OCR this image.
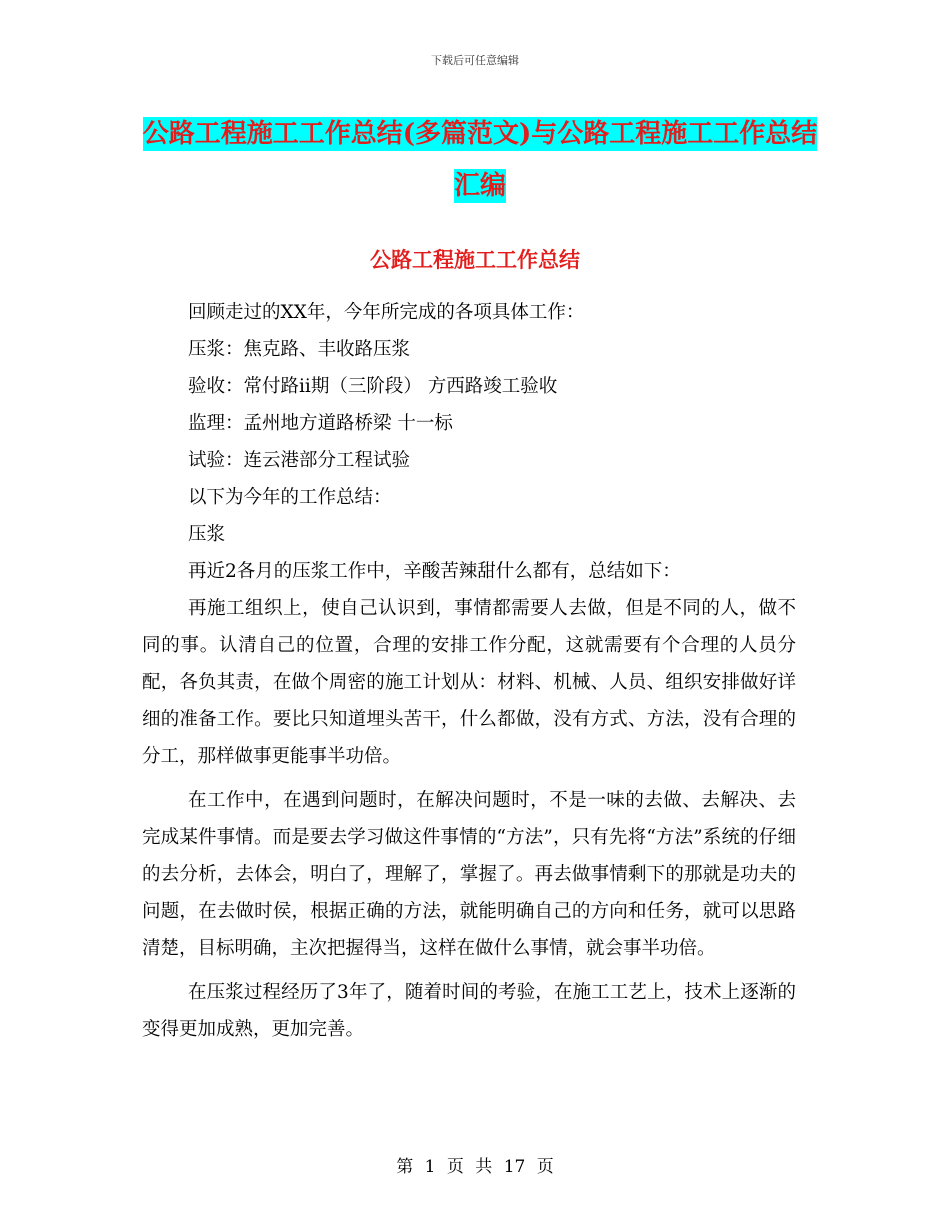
下载后可任意编辑
公路工程施工工作总结(多篇范文)与公路工程施工工作总结汇编
公路工程施工工作总结

回顾走过的XX年，今年所完成的各项具体工作：

压浆：焦克路、丰收路压浆

验收：常付路ii期（三阶段） 方西路竣工验收

监理：孟州地方道路桥梁 十一标

试验：连云港部分工程试验

以下为今年的工作总结：

压浆

再近2各月的压浆工作中，辛酸苦辣甜什么都有，总结如下：

再施工组织上，使自己认识到，事情都需要人去做，但是不同的人，做不同的事。认清自己的位置，合理的安排工作分配，这就需要有个合理的人员分配，各负其责，在做个周密的施工计划从：材料、机械、人员、组织安排做好详细的准备工作。要比只知道埋头苦干，什么都做，没有方式、方法，没有合理的分工，那样做事更能事半功倍。

在工作中，在遇到问题时，在解决问题时，不是一味的去做、去解决、去完成某件事情。而是要去学习做这件事情的“方法”，只有先将“方法”系统的仔细的去分析，去体会，明白了，理解了，掌握了。再去做事情剩下的那就是功夫的问题，在去做时侯，根据正确的方法，就能明确自己的方向和任务，就可以思路清楚，目标明确，主次把握得当，这样在做什么事情，就会事半功倍。

在压浆过程经历了3年了，随着时间的考验，在施工工艺上，技术上逐渐的变得更加成熟，更加完善。

第 1 页 共 17 页
